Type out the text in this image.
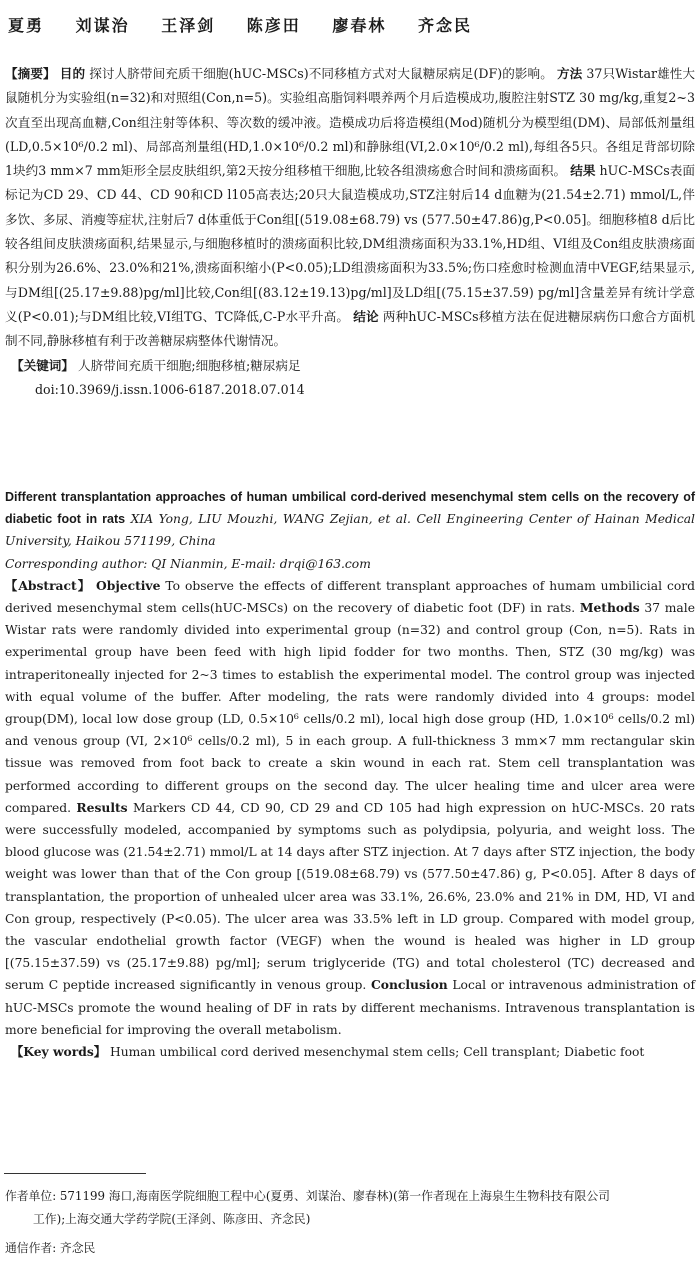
夏勇 刘谋治 王泽剑 陈彦田 廖春林 齐念民

【摘要】 目的 探讨人脐带间充质干细胞(hUC-MSCs)不同移植方式对大鼠糖尿病足(DF)的影响。 方法 37只Wistar雄性大鼠随机分为实验组(n=32)和对照组(Con,n=5)。实验组高脂饲料喂养两个月后造模成功,腹腔注射STZ 30 mg/kg,重复2~3次直至出现高血糖,Con组注射等体积、等次数的缓冲液。造模成功后将造模组(Mod)随机分为模型组(DM)、局部低剂量组(LD,0.5×10⁶/0.2 ml)、局部高剂量组(HD,1.0×10⁶/0.2 ml)和静脉组(VI,2.0×10⁶/0.2 ml),每组各5只。各组足背部切除1块约3 mm×7 mm矩形全层皮肤组织,第2天按分组移植干细胞,比较各组溃疡愈合时间和溃疡面积。 结果 hUC-MSCs表面标记为CD 29、CD 44、CD 90和CD l105高表达;20只大鼠造模成功,STZ注射后14 d血糖为(21.54±2.71) mmol/L,伴多饮、多尿、消瘦等症状,注射后7 d体重低于Con组[(519.08±68.79) vs (577.50±47.86)g,P<0.05]。细胞移植8 d后比较各组间皮肤溃疡面积,结果显示,与细胞移植时的溃疡面积比较,DM组溃疡面积为33.1%,HD组、VI组及Con组皮肤溃疡面积分别为26.6%、23.0%和21%,溃疡面积缩小(P<0.05);LD组溃疡面积为33.5%;伤口痊愈时检测血清中VEGF,结果显示,与DM组[(25.17±9.88)pg/ml]比较,Con组[(83.12±19.13)pg/ml]及LD组[(75.15±37.59) pg/ml]含量差异有统计学意义(P<0.01);与DM组比较,VI组TG、TC降低,C-P水平升高。 结论 两种hUC-MSCs移植方法在促进糖尿病伤口愈合方面机制不同,静脉移植有利于改善糖尿病整体代谢情况。

【关键词】 人脐带间充质干细胞;细胞移植;糖尿病足

doi:10.3969/j.issn.1006-6187.2018.07.014

Different transplantation approaches of human umbilical cord-derived mesenchymal stem cells on the recovery of diabetic foot in rats XIA Yong, LIU Mouzhi, WANG Zejian, et al. Cell Engineering Center of Hainan Medical University, Haikou 571199, China

Corresponding author: QI Nianmin, E-mail: drqi@163.com

【Abstract】 Objective To observe the effects of different transplant approaches of humam umbilicial cord derived mesenchymal stem cells(hUC-MSCs) on the recovery of diabetic foot (DF) in rats. Methods 37 male Wistar rats were randomly divided into experimental group (n=32) and control group (Con, n=5). Rats in experimental group have been feed with high lipid fodder for two months. Then, STZ (30 mg/kg) was intraperitoneally injected for 2~3 times to establish the experimental model. The control group was injected with equal volume of the buffer. After modeling, the rats were randomly divided into 4 groups: model group(DM), local low dose group (LD, 0.5×10⁶ cells/0.2 ml), local high dose group (HD, 1.0×10⁶ cells/0.2 ml) and venous group (VI, 2×10⁶ cells/0.2 ml), 5 in each group. A full-thickness 3 mm×7 mm rectangular skin tissue was removed from foot back to create a skin wound in each rat. Stem cell transplantation was performed according to different groups on the second day. The ulcer healing time and ulcer area were compared. Results Markers CD 44, CD 90, CD 29 and CD 105 had high expression on hUC-MSCs. 20 rats were successfully modeled, accompanied by symptoms such as polydipsia, polyuria, and weight loss. The blood glucose was (21.54±2.71) mmol/L at 14 days after STZ injection. At 7 days after STZ injection, the body weight was lower than that of the Con group [(519.08±68.79) vs (577.50±47.86) g, P<0.05]. After 8 days of transplantation, the proportion of unhealed ulcer area was 33.1%, 26.6%, 23.0% and 21% in DM, HD, VI and Con group, respectively (P<0.05). The ulcer area was 33.5% left in LD group. Compared with model group, the vascular endothelial growth factor (VEGF) when the wound is healed was higher in LD group [(75.15±37.59) vs (25.17±9.88) pg/ml]; serum triglyceride (TG) and total cholesterol (TC) decreased and serum C peptide increased significantly in venous group. Conclusion Local or intravenous administration of hUC-MSCs promote the wound healing of DF in rats by different mechanisms. Intravenous transplantation is more beneficial for improving the overall metabolism.

【Key words】 Human umbilical cord derived mesenchymal stem cells; Cell transplant; Diabetic foot

作者单位: 571199 海口,海南医学院细胞工程中心(夏勇、刘谋治、廖春林)(第一作者现在上海泉生生物科技有限公司

工作);上海交通大学药学院(王泽剑、陈彦田、齐念民)

通信作者: 齐念民
